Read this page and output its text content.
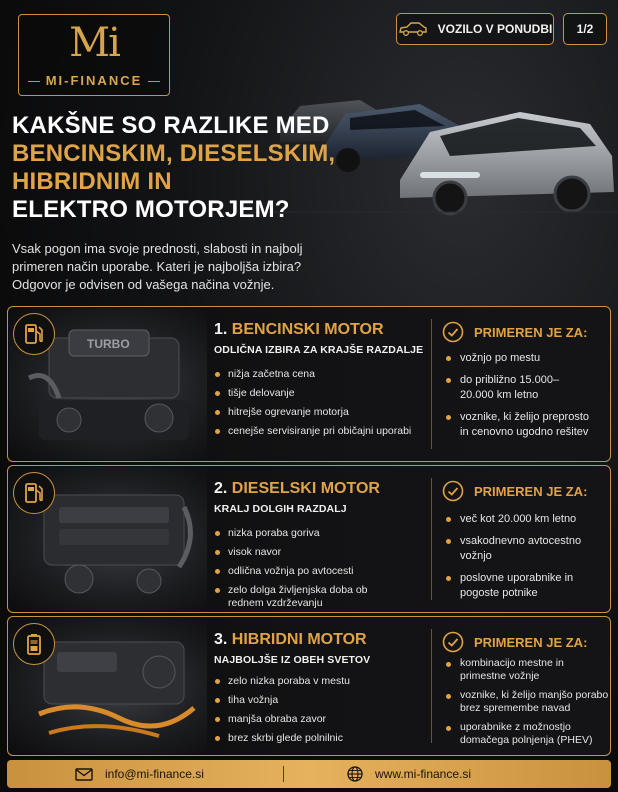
Mi
MI-FINANCE
VOZILO V PONUDBI 1/2
KAKŠNE SO RAZLIKE MED
BENCINSKIM, DIESELSKIM,
HIBRIDNIM IN
ELEKTRO MOTORJEM?

Vsak pogon ima svoje prednosti, slabosti in najbolj primeren način uporabe. Kateri je najboljša izbira? Odgovor je odvisen od vašega načina vožnje.

TURBO
1. BENCINSKI MOTOR
ODLIČNA IZBIRA ZA KRAJŠE RAZDALJE
nižja začetna cena
tišje delovanje
hitrejše ogrevanje motorja
cenejše servisiranje pri običajni uporabi
PRIMEREN JE ZA:
vožnjo po mestu
do približno 15.000–20.000 km letno
voznike, ki želijo preprosto in cenovno ugodno rešitev
2. DIESELSKI MOTOR
KRALJ DOLGIH RAZDALJ
nizka poraba goriva
visok navor
odlična vožnja po avtocesti
zelo dolga življenjska doba ob rednem vzdrževanju
PRIMEREN JE ZA:
več kot 20.000 km letno
vsakodnevno avtocestno vožnjo
poslovne uporabnike in pogoste potnike
3. HIBRIDNI MOTOR
NAJBOLJŠE IZ OBEH SVETOV
zelo nizka poraba v mestu
tiha vožnja
manjša obraba zavor
brez skrbi glede polnilnic
PRIMEREN JE ZA:
kombinacijo mestne in primestne vožnje
voznike, ki želijo manjšo porabo brez spremembe navad
uporabnike z možnostjo domačega polnjenja (PHEV)
info@mi-finance.si	www.mi-finance.si
